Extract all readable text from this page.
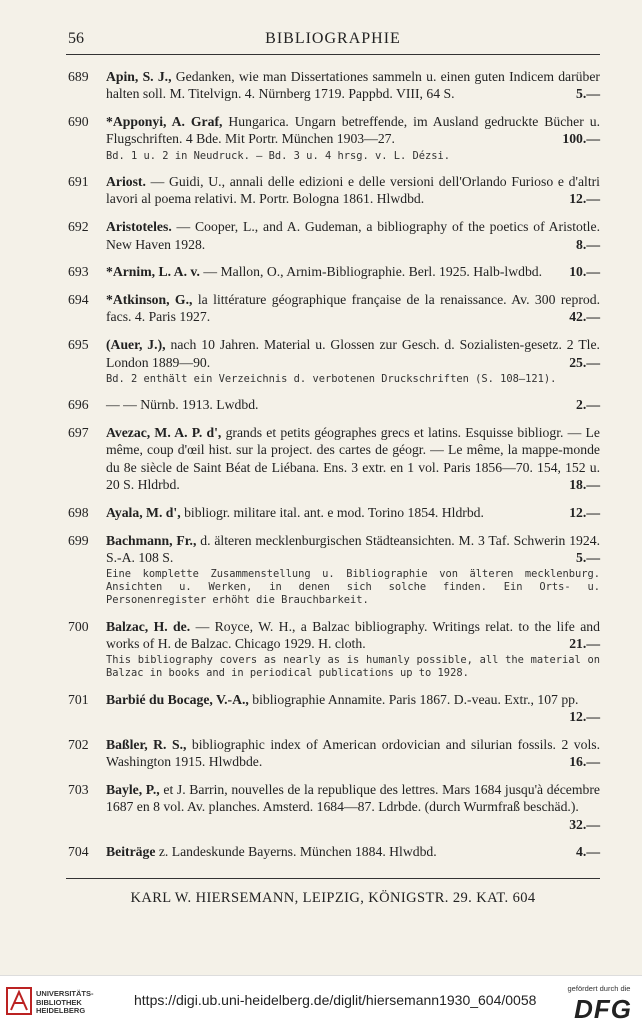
56	BIBLIOGRAPHIE
689 Apin, S. J., Gedanken, wie man Dissertationes sammeln u. einen guten Indicem darüber halten soll. M. Titelvign. 4. Nürnberg 1719. Pappbd. VIII, 64 S.	5.—
690 *Apponyi, A. Graf, Hungarica. Ungarn betreffende, im Ausland gedruckte Bücher u. Flugschriften. 4 Bde. Mit Portr. München 1903—27.	100.—
Bd. 1 u. 2 in Neudruck. — Bd. 3 u. 4 hrsg. v. L. Dézsi.
691 Ariost. — Guidi, U., annali delle edizioni e delle versioni dell'Orlando Furioso e d'altri lavori al poema relativi. M. Portr. Bologna 1861. Hlwdbd.	12.—
692 Aristoteles. — Cooper, L., and A. Gudeman, a bibliography of the poetics of Aristotle. New Haven 1928.	8.—
693 *Arnim, L. A. v. — Mallon, O., Arnim-Bibliographie. Berl. 1925. Halb-lwdbd.	10.—
694 *Atkinson, G., la littérature géographique française de la renaissance. Av. 300 reprod. facs. 4. Paris 1927.	42.—
695 (Auer, J.), nach 10 Jahren. Material u. Glossen zur Gesch. d. Sozialisten-gesetz. 2 Tle. London 1889—90.	25.—
Bd. 2 enthält ein Verzeichnis d. verbotenen Druckschriften (S. 108—121).
696 — — Nürnb. 1913. Lwdbd.	2.—
697 Avezac, M. A. P. d', grands et petits géographes grecs et latins. Esquisse bibliogr. — Le même, coup d'œil hist. sur la project. des cartes de géogr. — Le même, la mappe-monde du 8e siècle de Saint Béat de Liébana. Ens. 3 extr. en 1 vol. Paris 1856—70. 154, 152 u. 20 S. Hldrbd.	18.—
698 Ayala, M. d', bibliogr. militare ital. ant. e mod. Torino 1854. Hldrbd.	12.—
699 Bachmann, Fr., d. älteren mecklenburgischen Städteansichten. M. 3 Taf. Schwerin 1924. S.-A. 108 S.	5.—
Eine komplette Zusammenstellung u. Bibliographie von älteren mecklenburg. Ansichten u. Werken, in denen sich solche finden. Ein Orts- u. Personenregister erhöht die Brauchbarkeit.
700 Balzac, H. de. — Royce, W. H., a Balzac bibliography. Writings relat. to the life and works of H. de Balzac. Chicago 1929. H. cloth.	21.—
This bibliography covers as nearly as is humanly possible, all the material on Balzac in books and in periodical publications up to 1928.
701 Barbié du Bocage, V.-A., bibliographie Annamite. Paris 1867. D.-veau. Extr., 107 pp.
12.—
702 Baßler, R. S., bibliographic index of American ordovician and silurian fossils. 2 vols. Washington 1915. Hlwdbde.	16.—
703 Bayle, P., et J. Barrin, nouvelles de la republique des lettres. Mars 1684 jusqu'à décembre 1687 en 8 vol. Av. planches. Amsterd. 1684—87. Ldrbde. (durch Wurmfraß beschäd.).
32.—
704 Beiträge z. Landeskunde Bayerns. München 1884. Hlwdbd.	4.—
KARL W. HIERSEMANN, LEIPZIG, KÖNIGSTR. 29. KAT. 604
UNIVERSITÄTS-
BIBLIOTHEK
HEIDELBERG
https://digi.ub.uni-heidelberg.de/diglit/hiersemann1930_604/0058
gefördert durch die
DFG
